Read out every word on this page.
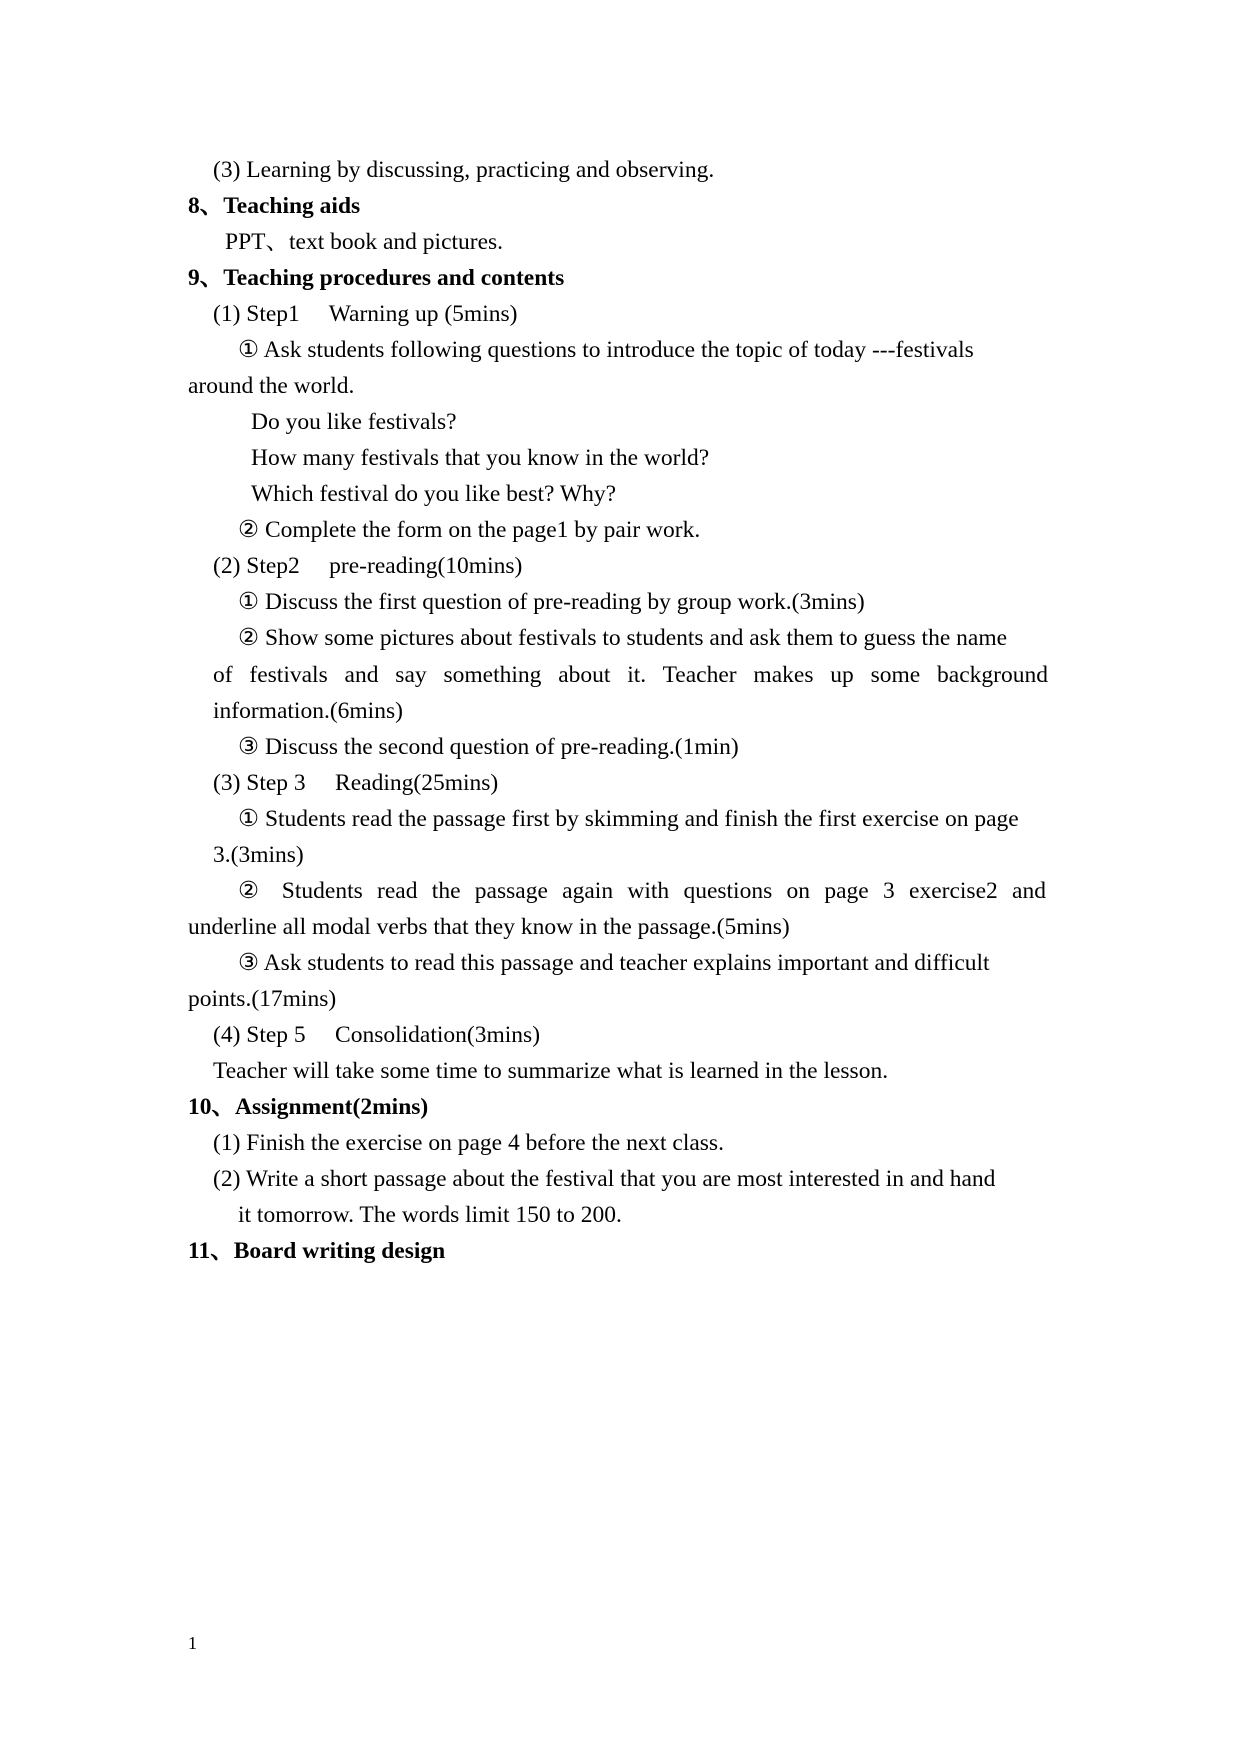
(3) Learning by discussing, practicing and observing.
8、Teaching aids
PPT、text book and pictures.
9、Teaching procedures and contents
(1) Step1　 Warning up (5mins)
① Ask students following questions to introduce the topic of today ---festivals
around the world.
Do you like festivals?
How many festivals that you know in the world?
Which festival do you like best? Why?
② Complete the form on the page1 by pair work.
(2) Step2　 pre-reading(10mins)
① Discuss the first question of pre-reading by group work.(3mins)
② Show some pictures about festivals to students and ask them to guess the name
of festivals and say something about it. Teacher makes up some background
information.(6mins)
③ Discuss the second question of pre-reading.(1min)
(3) Step 3　 Reading(25mins)
① Students read the passage first by skimming and finish the first exercise on page
3.(3mins)
② Students read the passage again with questions on page 3 exercise2 and
underline all modal verbs that they know in the passage.(5mins)
③ Ask students to read this passage and teacher explains important and difficult
points.(17mins)
(4) Step 5　 Consolidation(3mins)
Teacher will take some time to summarize what is learned in the lesson.
10、Assignment(2mins)
(1) Finish the exercise on page 4 before the next class.
(2) Write a short passage about the festival that you are most interested in and hand
it tomorrow. The words limit 150 to 200.
11、Board writing design
1
